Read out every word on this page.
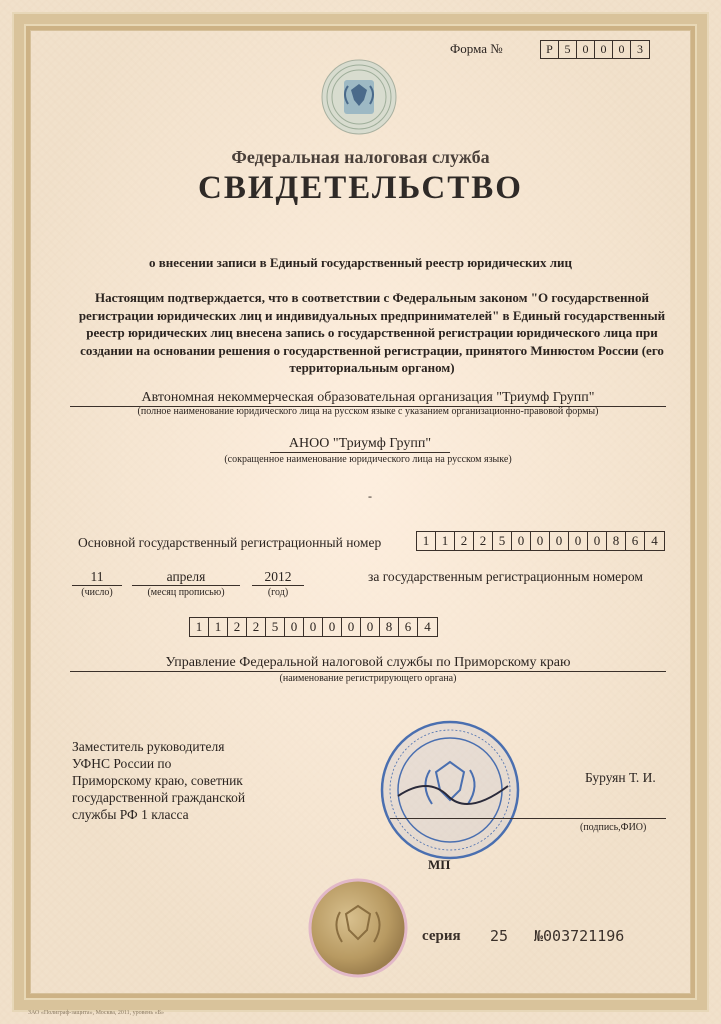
Форма №	Р 5	0	0	0	3
Федеральная налоговая служба
СВИДЕТЕЛЬСТВО
о внесении записи в Единый государственный реестр юридических лиц
Настоящим подтверждается, что в соответствии с Федеральным законом "О государственной регистрации юридических лиц и индивидуальных предпринимателей" в Единый государственный реестр юридических лиц внесена запись о государственной регистрации юридического лица при создании на основании решения о государственной регистрации, принятого Минюстом России (его территориальным органом)
Автономная некоммерческая образовательная организация "Триумф Групп"
(полное наименование юридического лица на русском языке с указанием организационно-правовой формы)
АНОО "Триумф Групп"
(сокращенное наименование юридического лица на русском языке)
-
Основной государственный регистрационный номер	1 1 2 2 5 0 0 0 0 0 8 6	4
11	апреля	2012
(число)	(месяц прописью)	(год)
за государственным регистрационным номером
1 1 2 2 5 0 0 0 0 0 8 6	4
Управление Федеральной налоговой службы по Приморскому краю
(наименование регистрирующего органа)
Заместитель руководителя
УФНС России по
Приморскому краю, советник
государственной гражданской
службы РФ 1 класса
Буруян Т. И.
(подпись,ФИО)
МП
серия 25 №003721196
ЗАО «Полиграф-защита», Москва, 2011, уровень «Б»
